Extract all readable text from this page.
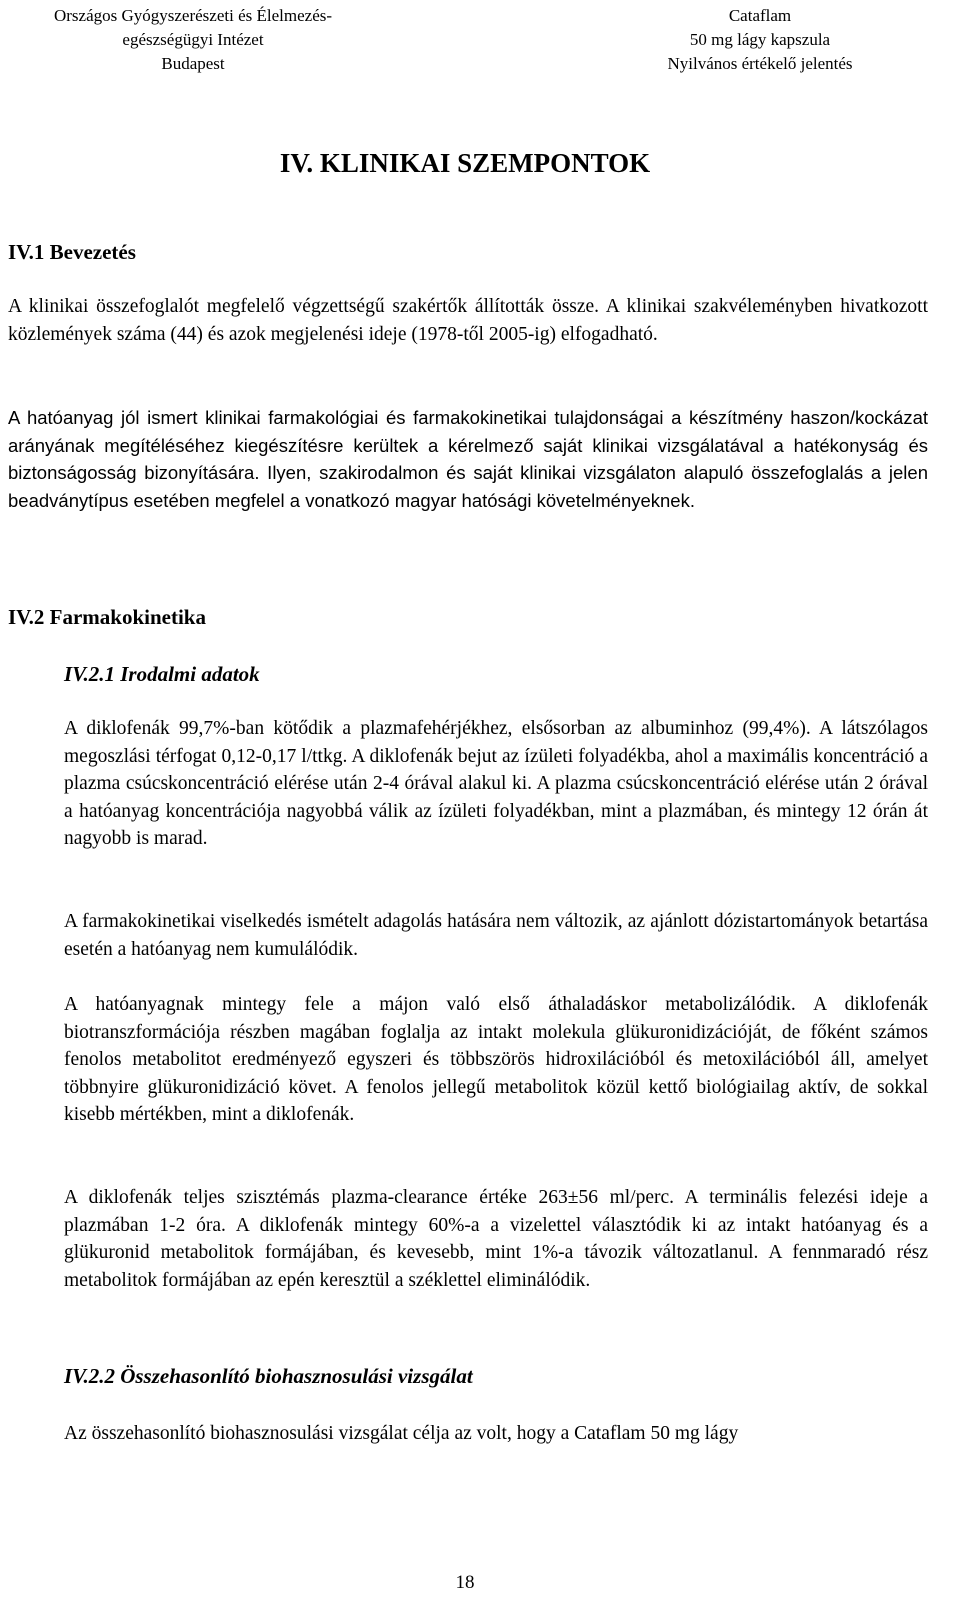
Országos Gyógyszerészeti és Élelmezés-
egészségügyi Intézet
Budapest
Cataflam
50 mg lágy kapszula
Nyilvános értékelő jelentés
IV. KLINIKAI SZEMPONTOK
IV.1 Bevezetés

A klinikai összefoglalót megfelelő végzettségű szakértők állították össze. A klinikai szakvéleményben hivatkozott közlemények száma (44) és azok megjelenési ideje (1978-től 2005-ig) elfogadható.

A hatóanyag jól ismert klinikai farmakológiai és farmakokinetikai tulajdonságai a készítmény haszon/kockázat arányának megítéléséhez kiegészítésre kerültek a kérelmező saját klinikai vizsgálatával a hatékonyság és biztonságosság bizonyítására. Ilyen, szakirodalmon és saját klinikai vizsgálaton alapuló összefoglalás a jelen beadványtípus esetében megfelel a vonatkozó magyar hatósági követelményeknek.

IV.2 Farmakokinetika
IV.2.1 Irodalmi adatok

A diklofenák 99,7%-ban kötődik a plazmafehérjékhez, elsősorban az albuminhoz (99,4%). A látszólagos megoszlási térfogat 0,12-0,17 l/ttkg. A diklofenák bejut az ízületi folyadékba, ahol a maximális koncentráció a plazma csúcskoncentráció elérése után 2-4 órával alakul ki. A plazma csúcskoncentráció elérése után 2 órával a hatóanyag koncentrációja nagyobbá válik az ízületi folyadékban, mint a plazmában, és mintegy 12 órán át nagyobb is marad.

A farmakokinetikai viselkedés ismételt adagolás hatására nem változik, az ajánlott dózistartományok betartása esetén a hatóanyag nem kumulálódik.

A hatóanyagnak mintegy fele a májon való első áthaladáskor metabolizálódik. A diklofenák biotranszformációja részben magában foglalja az intakt molekula glükuronidizációját, de főként számos fenolos metabolitot eredményező egyszeri és többszörös hidroxilációból és metoxilációból áll, amelyet többnyire glükuronidizáció követ. A fenolos jellegű metabolitok közül kettő biológiailag aktív, de sokkal kisebb mértékben, mint a diklofenák.

A diklofenák teljes szisztémás plazma-clearance értéke 263±56 ml/perc. A terminális felezési ideje a plazmában 1-2 óra. A diklofenák mintegy 60%-a a vizelettel választódik ki az intakt hatóanyag és a glükuronid metabolitok formájában, és kevesebb, mint 1%-a távozik változatlanul. A fennmaradó rész metabolitok formájában az epén keresztül a széklettel eliminálódik.

IV.2.2 Összehasonlító biohasznosulási vizsgálat

Az összehasonlító biohasznosulási vizsgálat célja az volt, hogy a Cataflam 50 mg lágy

18
